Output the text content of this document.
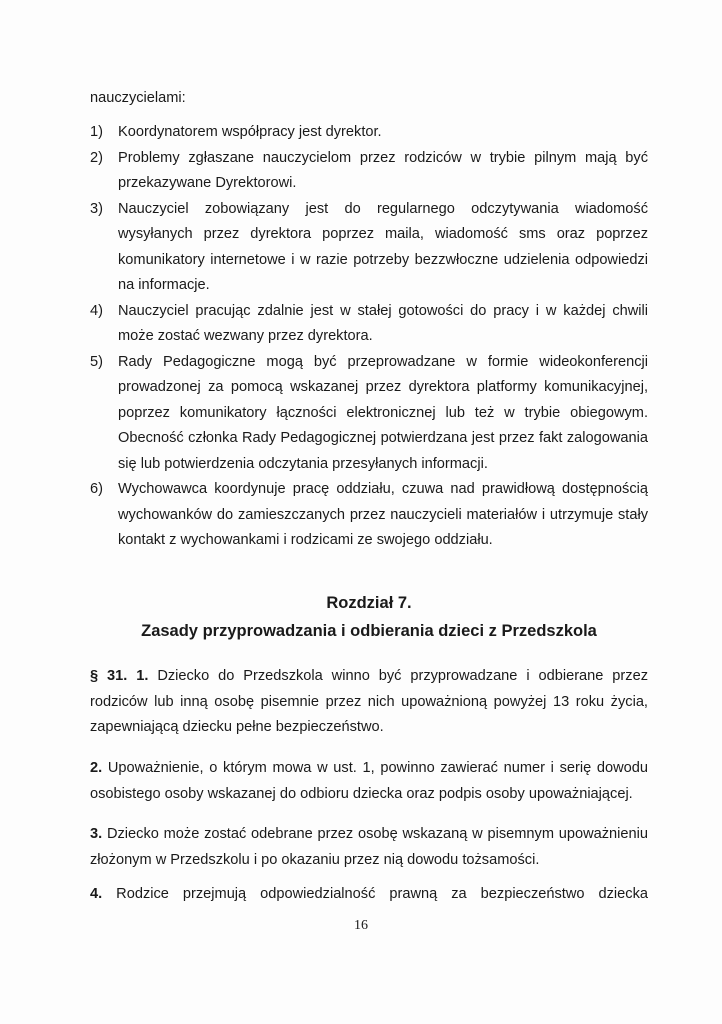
nauczycielami:
1) Koordynatorem współpracy jest dyrektor.
2) Problemy zgłaszane nauczycielom przez rodziców w trybie pilnym mają być przekazywane Dyrektorowi.
3) Nauczyciel zobowiązany jest do regularnego odczytywania wiadomość wysyłanych przez dyrektora poprzez maila, wiadomość sms oraz poprzez komunikatory internetowe i w razie potrzeby bezzwłoczne udzielenia odpowiedzi na informacje.
4) Nauczyciel pracując zdalnie jest w stałej gotowości do pracy i w każdej chwili może zostać wezwany przez dyrektora.
5) Rady Pedagogiczne mogą być przeprowadzane w formie wideokonferencji prowadzonej za pomocą wskazanej przez dyrektora platformy komunikacyjnej, poprzez komunikatory łączności elektronicznej lub też w trybie obiegowym. Obecność członka Rady Pedagogicznej potwierdzana jest przez fakt zalogowania się lub potwierdzenia odczytania przesyłanych informacji.
6) Wychowawca koordynuje pracę oddziału, czuwa nad prawidłową dostępnością wychowanków do zamieszczanych przez nauczycieli materiałów i utrzymuje stały kontakt z wychowankami i rodzicami ze swojego oddziału.
Rozdział 7.
Zasady przyprowadzania i odbierania dzieci z Przedszkola
§ 31. 1. Dziecko do Przedszkola winno być przyprowadzane i odbierane przez rodziców lub inną osobę pisemnie przez nich upoważnioną powyżej 13 roku życia, zapewniającą dziecku pełne bezpieczeństwo.
2. Upoważnienie, o którym mowa w ust. 1, powinno zawierać numer i serię dowodu osobistego osoby wskazanej do odbioru dziecka oraz podpis osoby upoważniającej.
3. Dziecko może zostać odebrane przez osobę wskazaną w pisemnym upoważnieniu złożonym w Przedszkolu i po okazaniu przez nią dowodu tożsamości.
4. Rodzice przejmują odpowiedzialność prawną za bezpieczeństwo dziecka
16
